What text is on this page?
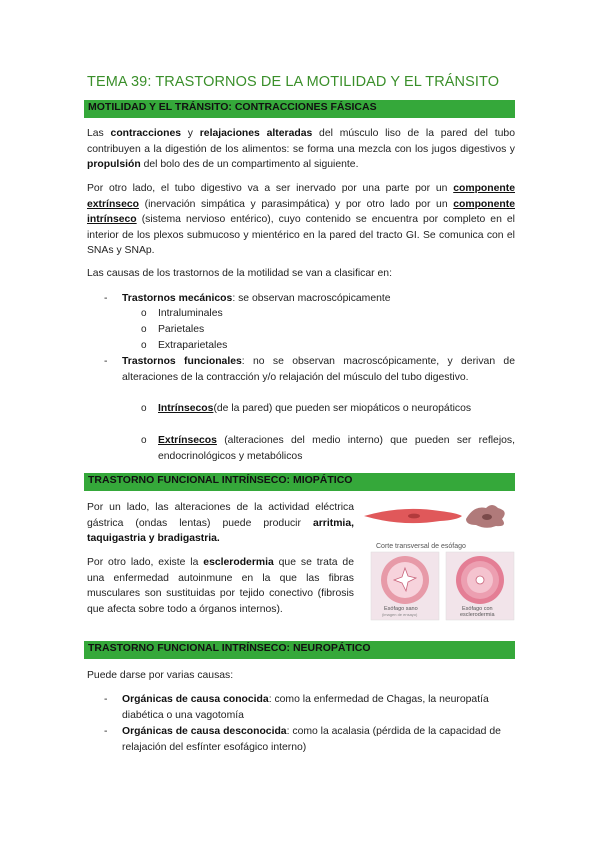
TEMA 39: TRASTORNOS DE LA MOTILIDAD Y EL TRÁNSITO
MOTILIDAD Y EL TRÁNSITO: CONTRACCIONES FÁSICAS
Las contracciones y relajaciones alteradas del músculo liso de la pared del tubo contribuyen a la digestión de los alimentos: se forma una mezcla con los jugos digestivos y propulsión del bolo des de un compartimento al siguiente.
Por otro lado, el tubo digestivo va a ser inervado por una parte por un componente extrínseco (inervación simpática y parasimpática) y por otro lado por un componente intrínseco (sistema nervioso entérico), cuyo contenido se encuentra por completo en el interior de los plexos submucoso y mientérico en la pared del tracto GI. Se comunica con el SNAs y SNAp.
Las causas de los trastornos de la motilidad se van a clasificar en:
- Trastornos mecánicos: se observan macroscópicamente
o Intraluminales
o Parietales
o Extraparietales
- Trastornos funcionales: no se observan macroscópicamente, y derivan de alteraciones de la contracción y/o relajación del músculo del tubo digestivo.
o Intrínsecos(de la pared) que pueden ser miopáticos o neuropáticos
o Extrínsecos (alteraciones del medio interno) que pueden ser reflejos, endocrinológicos y metabólicos
TRASTORNO FUNCIONAL INTRÍNSECO: MIOPÁTICO
Por un lado, las alteraciones de la actividad eléctrica gástrica (ondas lentas) puede producir arritmia, taquigastria y bradigastria.
Por otro lado, existe la esclerodermia que se trata de una enfermedad autoinmune en la que las fibras musculares son sustituidas por tejido conectivo (fibrosis que afecta sobre todo a órganos internos).
Corte transversal de esófago
Esófago sano
(imagen de ensayo)
Esófago con
esclerodermia
TRASTORNO FUNCIONAL INTRÍNSECO: NEUROPÁTICO
Puede darse por varias causas:
- Orgánicas de causa conocida: como la enfermedad de Chagas, la neuropatía diabética o una vagotomía
- Orgánicas de causa desconocida: como la acalasia (pérdida de la capacidad de relajación del esfínter esofágico interno)
